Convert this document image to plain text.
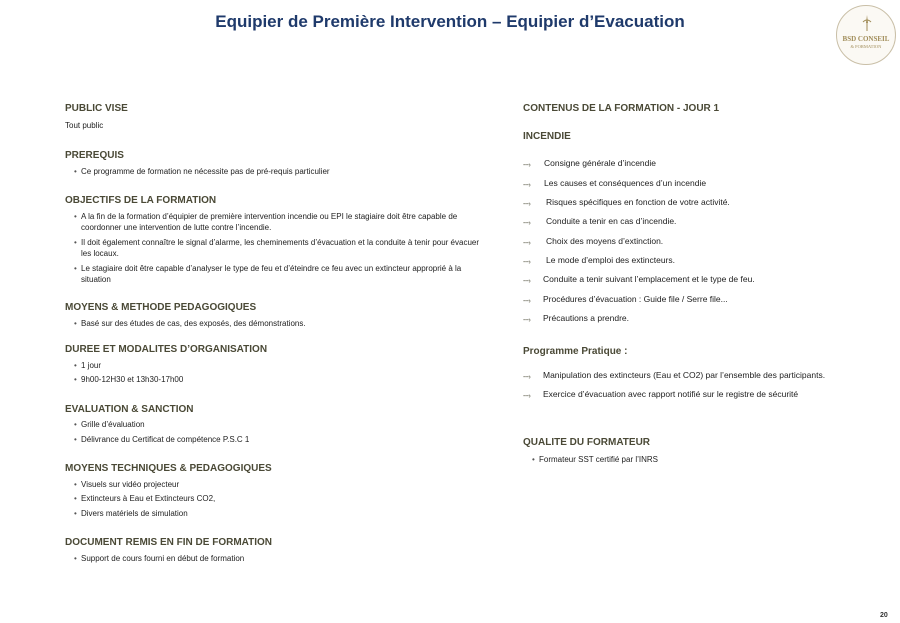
Equipier de Première Intervention – Equipier d’Evacuation
BSD CONSEIL
& FORMATION
PUBLIC VISE
Tout public
PREREQUIS
• Ce programme de formation ne nécessite pas de pré-requis particulier
OBJECTIFS DE LA FORMATION
• A la fin de la formation d’équipier de première intervention incendie ou EPI le stagiaire doit être capable de coordonner une intervention de lutte contre l’incendie.
• Il doit également connaître le signal d’alarme, les cheminements d’évacuation et la conduite à tenir pour évacuer les locaux.
• Le stagiaire doit être capable d’analyser le type de feu et d’éteindre ce feu avec un extincteur approprié à la situation
MOYENS & METHODE PEDAGOGIQUES
• Basé sur des études de cas, des exposés, des démonstrations.
DUREE ET MODALITES D’ORGANISATION
• 1 jour
• 9h00-12H30 et 13h30-17h00
EVALUATION & SANCTION
• Grille d’évaluation
• Délivrance du Certificat de compétence P.S.C 1
MOYENS TECHNIQUES & PEDAGOGIQUES
• Visuels sur vidéo projecteur
• Extincteurs à Eau et Extincteurs CO2,
• Divers matériels de simulation
DOCUMENT REMIS EN FIN DE FORMATION
• Support de cours fourni en début de formation
CONTENUS DE LA FORMATION - JOUR 1
INCENDIE
---› Consigne générale d’incendie
---› Les causes et conséquences d’un incendie
---› Risques spécifiques en fonction de votre activité.
---› Conduite a tenir en cas d’incendie.
---› Choix des moyens d’extinction.
---› Le mode d’emploi des extincteurs.
---› Conduite a tenir suivant l’emplacement et le type de feu.
---› Procédures d’évacuation : Guide file / Serre file...
---› Précautions a prendre.
Programme Pratique :
---› Manipulation des extincteurs (Eau et CO2) par l’ensemble des participants.
---› Exercice d’évacuation avec rapport notifié sur le registre de sécurité
QUALITE DU FORMATEUR
• Formateur SST certifié par l’INRS
20
